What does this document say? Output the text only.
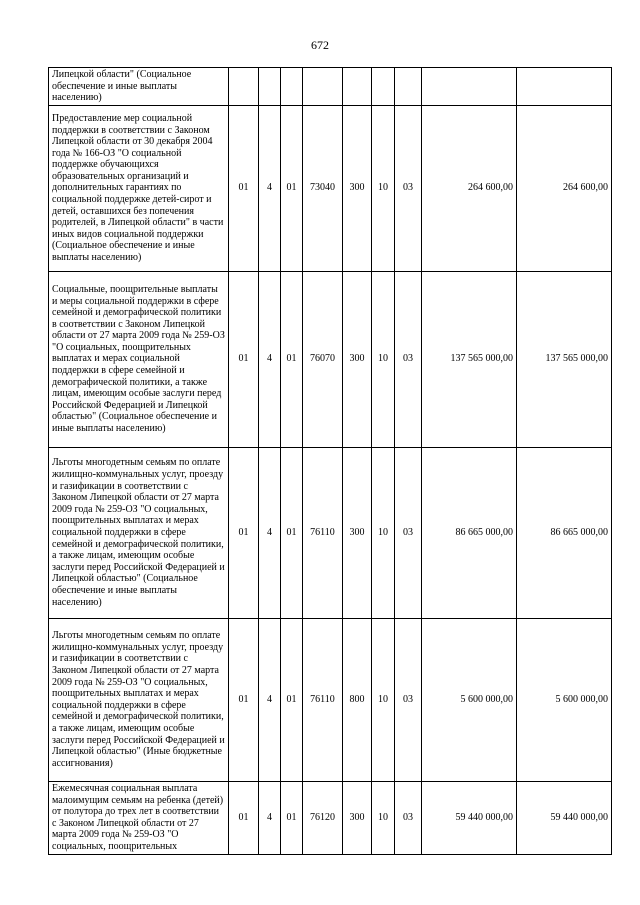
672
Липецкой области" (Социальное обеспечение и иные выплаты населению)									
Предоставление мер социальной поддержки в соответствии с Законом Липецкой области от 30 декабря 2004 года № 166-ОЗ "О социальной поддержке обучающихся образовательных организаций и дополнительных гарантиях по социальной поддержке детей-сирот и детей, оставшихся без попечения родителей, в Липецкой области" в части иных видов социальной поддержки (Социальное обеспечение и иные выплаты населению)	01	4	01	73040	300	10	03	264 600,00	264 600,00
Социальные, поощрительные выплаты и меры социальной поддержки в сфере семейной и демографической политики в соответствии с Законом Липецкой области от 27 марта 2009 года № 259-ОЗ "О социальных, поощрительных выплатах и мерах социальной поддержки в сфере семейной и демографической политики, а также лицам, имеющим особые заслуги перед Российской Федерацией и Липецкой областью" (Социальное обеспечение и иные выплаты населению)	01	4	01	76070	300	10	03	137 565 000,00	137 565 000,00
Льготы многодетным семьям по оплате жилищно-коммунальных услуг, проезду и газификации в соответствии с Законом Липецкой области от 27 марта 2009 года № 259-ОЗ "О социальных, поощрительных выплатах и мерах социальной поддержки в сфере семейной и демографической политики, а также лицам, имеющим особые заслуги перед Российской Федерацией и Липецкой областью" (Социальное обеспечение и иные выплаты населению)	01	4	01	76110	300	10	03	86 665 000,00	86 665 000,00
Льготы многодетным семьям по оплате жилищно-коммунальных услуг, проезду и газификации в соответствии с Законом Липецкой области от 27 марта 2009 года № 259-ОЗ "О социальных, поощрительных выплатах и мерах социальной поддержки в сфере семейной и демографической политики, а также лицам, имеющим особые заслуги перед Российской Федерацией и Липецкой областью" (Иные бюджетные ассигнования)	01	4	01	76110	800	10	03	5 600 000,00	5 600 000,00
Ежемесячная социальная выплата малоимущим семьям на ребенка (детей) от полутора до трех лет в соответствии с Законом Липецкой области от 27 марта 2009 года № 259-ОЗ "О социальных, поощрительных	01	4	01	76120	300	10	03	59 440 000,00	59 440 000,00
